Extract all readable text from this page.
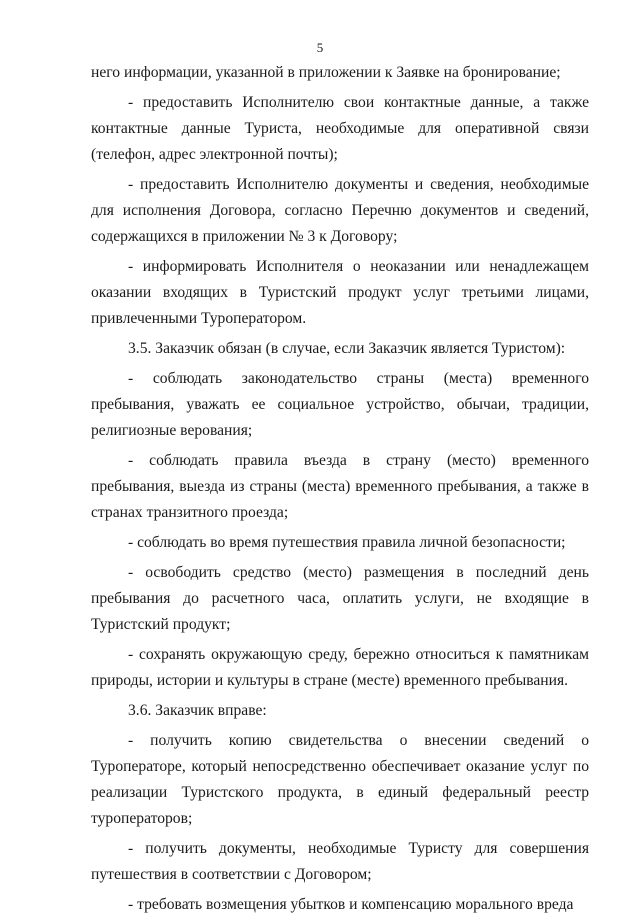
5

него информации, указанной в приложении к Заявке на бронирование;

- предоставить Исполнителю свои контактные данные, а также контактные данные Туриста, необходимые для оперативной связи (телефон, адрес электронной почты);

- предоставить Исполнителю документы и сведения, необходимые для исполнения Договора, согласно Перечню документов и сведений, содержащихся в приложении № 3 к Договору;

- информировать Исполнителя о неоказании или ненадлежащем оказании входящих в Туристский продукт услуг третьими лицами, привлеченными Туроператором.

3.5. Заказчик обязан (в случае, если Заказчик является Туристом):

- соблюдать законодательство страны (места) временного пребывания, уважать ее социальное устройство, обычаи, традиции, религиозные верования;

- соблюдать правила въезда в страну (место) временного пребывания, выезда из страны (места) временного пребывания, а также в странах транзитного проезда;

- соблюдать во время путешествия правила личной безопасности;

- освободить средство (место) размещения в последний день пребывания до расчетного часа, оплатить услуги, не входящие в Туристский продукт;

- сохранять окружающую среду, бережно относиться к памятникам природы, истории и культуры в стране (месте) временного пребывания.

3.6. Заказчик вправе:

- получить копию свидетельства о внесении сведений о Туроператоре, который непосредственно обеспечивает оказание услуг по реализации Туристского продукта, в единый федеральный реестр туроператоров;

- получить документы, необходимые Туристу для совершения путешествия в соответствии с Договором;

- требовать возмещения убытков и компенсацию морального вреда
